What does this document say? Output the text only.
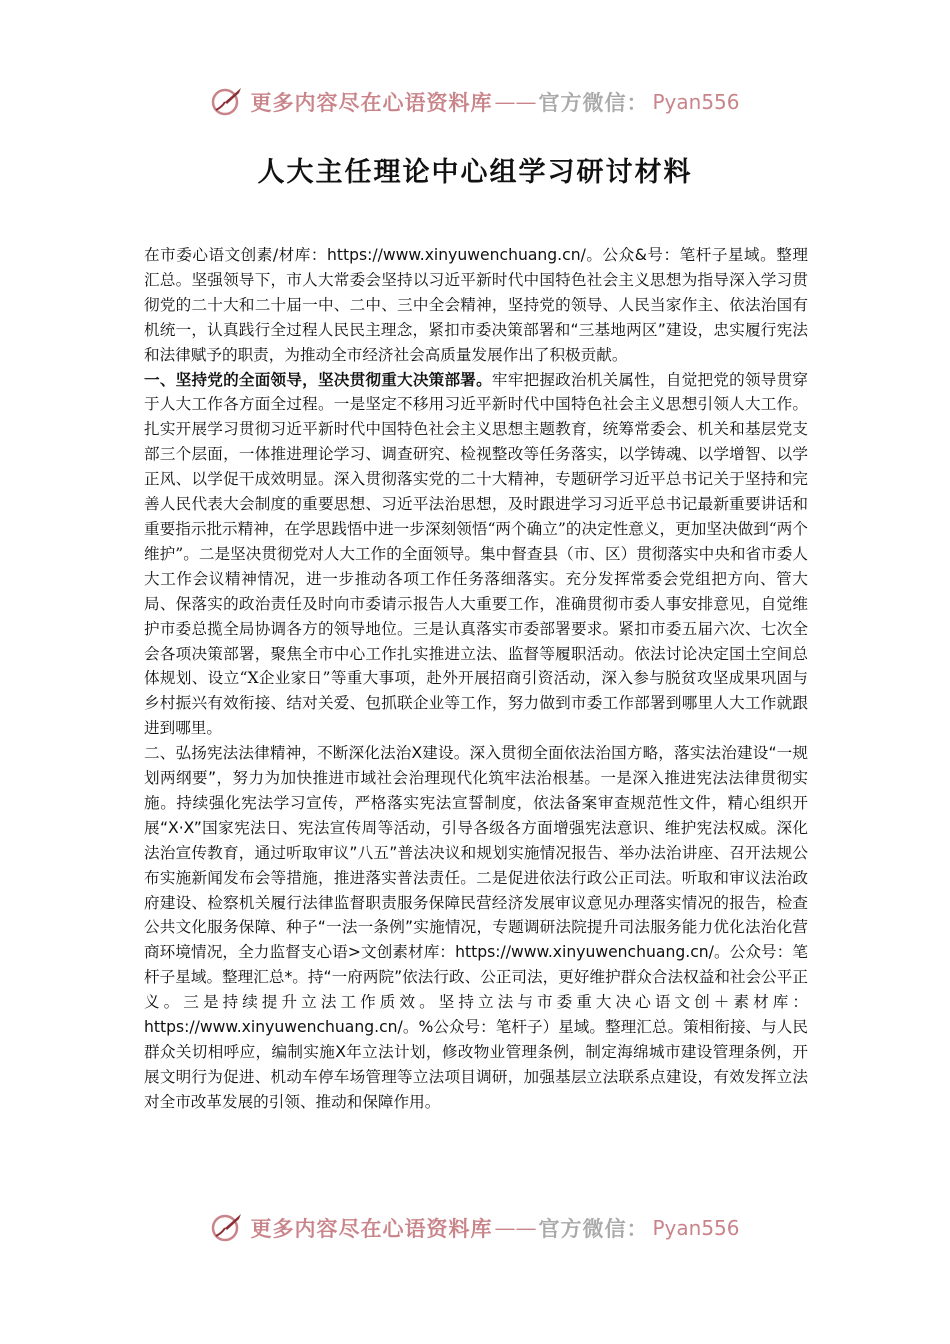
更多内容尽在心语资料库 —— 官方微信： Pyan556
人大主任理论中心组学习研讨材料

在市委心语文创素/材库：https://www.xinyuwenchuang.cn/。公众&号：笔杆子星域。整理汇总。坚强领导下，市人大常委会坚持以习近平新时代中国特色社会主义思想为指导深入学习贯彻党的二十大和二十届一中、二中、三中全会精神，坚持党的领导、人民当家作主、依法治国有机统一，认真践行全过程人民民主理念，紧扣市委决策部署和“三基地两区”建设，忠实履行宪法和法律赋予的职责，为推动全市经济社会高质量发展作出了积极贡献。

一、坚持党的全面领导，坚决贯彻重大决策部署。牢牢把握政治机关属性，自觉把党的领导贯穿于人大工作各方面全过程。一是坚定不移用习近平新时代中国特色社会主义思想引领人大工作。扎实开展学习贯彻习近平新时代中国特色社会主义思想主题教育，统筹常委会、机关和基层党支部三个层面，一体推进理论学习、调查研究、检视整改等任务落实，以学铸魂、以学增智、以学正风、以学促干成效明显。深入贯彻落实党的二十大精神，专题研学习近平总书记关于坚持和完善人民代表大会制度的重要思想、习近平法治思想，及时跟进学习习近平总书记最新重要讲话和重要指示批示精神，在学思践悟中进一步深刻领悟“两个确立”的决定性意义，更加坚决做到“两个维护”。二是坚决贯彻党对人大工作的全面领导。集中督查县（市、区）贯彻落实中央和省市委人大工作会议精神情况，进一步推动各项工作任务落细落实。充分发挥常委会党组把方向、管大局、保落实的政治责任及时向市委请示报告人大重要工作，准确贯彻市委人事安排意见，自觉维护市委总揽全局协调各方的领导地位。三是认真落实市委部署要求。紧扣市委五届六次、七次全会各项决策部署，聚焦全市中心工作扎实推进立法、监督等履职活动。依法讨论决定国土空间总体规划、设立“X企业家日”等重大事项，赴外开展招商引资活动，深入参与脱贫攻坚成果巩固与乡村振兴有效衔接、结对关爱、包抓联企业等工作，努力做到市委工作部署到哪里人大工作就跟进到哪里。

二、弘扬宪法法律精神，不断深化法治X建设。深入贯彻全面依法治国方略，落实法治建设“一规划两纲要”，努力为加快推进市域社会治理现代化筑牢法治根基。一是深入推进宪法法律贯彻实施。持续强化宪法学习宣传，严格落实宪法宣誓制度，依法备案审查规范性文件，精心组织开展“X·X”国家宪法日、宪法宣传周等活动，引导各级各方面增强宪法意识、维护宪法权威。深化法治宣传教育，通过听取审议”八五”普法决议和规划实施情况报告、举办法治讲座、召开法规公布实施新闻发布会等措施，推进落实普法责任。二是促进依法行政公正司法。听取和审议法治政府建设、检察机关履行法律监督职责服务保障民营经济发展审议意见办理落实情况的报告，检查公共文化服务保障、种子“一法一条例”实施情况，专题调研法院提升司法服务能力优化法治化营商环境情况，全力监督支心语>文创素材库：https://www.xinyuwenchuang.cn/。公众号：笔杆子星域。整理汇总*。持“一府两院”依法行政、公正司法，更好维护群众合法权益和社会公平正义。三是持续提升立法工作质效。坚持立法与市委重大决心语文创＋素材库：https://www.xinyuwenchuang.cn/。%公众号：笔杆子）星域。整理汇总。策相衔接、与人民群众关切相呼应，编制实施X年立法计划，修改物业管理条例，制定海绵城市建设管理条例，开展文明行为促进、机动车停车场管理等立法项目调研，加强基层立法联系点建设，有效发挥立法对全市改革发展的引领、推动和保障作用。

更多内容尽在心语资料库 —— 官方微信： Pyan556
